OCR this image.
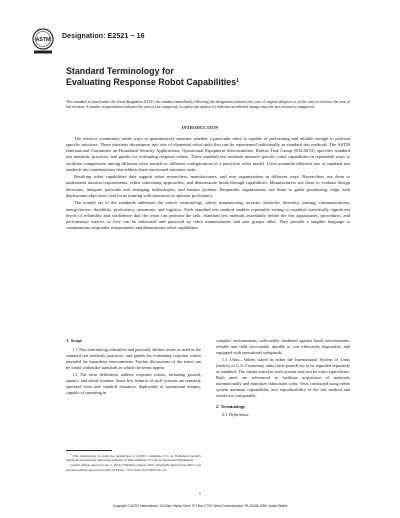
ASTM Designation: E2521 − 16
Standard Terminology for
Evaluating Response Robot Capabilities$^1$
This standard is issued under the fixed designation E2521; the number immediately following the designation indicates the year of original adoption or, in the case of revision, the year of last revision. A number in parentheses indicates the year of last reapproval. A superscript epsilon (ε) indicates an editorial change since the last revision or reapproval.
INTRODUCTION

The robotics community needs ways to quantitatively measure whether a particular robot is capable of performing and reliable enough to perform specific missions. These missions decompose into sets of elemental robot tasks that can be represented individually as standard test methods. The ASTM International Committee on Homeland Security Applications, Operational Equipment Subcommittee, Robots Task Group (E54.08.01) specifies standard test methods, practices, and guides for evaluating response robots. These standard test methods measure specific robot capabilities in repeatable ways to facilitate comparisons among different robot models or different configurations of a particular robot model. Users assemble different sets of standard test methods into combinations that address their envisioned missions tasks.

Resulting robot capabilities data support robot researchers, manufacturers, and user organizations in different ways. Researchers use them to understand mission requirements, refine innovating approaches, and demonstrate break-through capabilities. Manufacturers use them to evaluate design decisions, integrate payloads and emerging technologies, and harden systems. Responder organizations use them to guide purchasing, align with deployment objectives, and focus training with measures of operator proficiency.

The overall set of the standards addresses the robotic terminology, safety, maneuvering, terrains, obstacles, dexterity, sensing, communications, energy/power, durability, proficiency, autonomy, and logistics. Each standard test method enables repeatable testing to establish statistically significant levels of reliability and confidence that the robot can perform the task. Standard test methods essentially define the test apparatuses, procedures, and performance metrics so they can be fabricated and practiced by robot manufacturers and user groups alike. They provide a tangible language to communicate responder requirements and demonstrate robot capabilities.

1. Scope

1.1 This terminology identifies and precisely defines terms as used in the standard test methods, practices, and guides for evaluating response robots intended for hazardous environments. Further discussions of the terms can be found within the standards in which the terms appear.

1.2 The term definitions address response robots, including ground, aquatic, and aerial systems. Some key features of such systems are remotely operated from safe standoff distances, deployable at operational tempos, capable of operating in

complex environments, sufficiently hardened against harsh environments, reliable and field serviceable, durable or cost effectively disposable, and equipped with operational safeguards.

1.3 Units—Values stated in either the International System of Units (metric) or U.S. Customary units (inch-pound) are to be regarded separately as standard. The values stated in each system may not be exact equivalents. Both units are referenced to facilitate acquisition of materials internationally and minimize fabrication costs. Tests conducted using either system maintain repeatability and reproducibility of the test method and results are comparable.

2. Terminology

2.1 Definitions:

$^1$ This terminology is under the jurisdiction of ASTM Committee E54 on Homeland Security Applications and is the direct responsibility of Subcommittee E54.08 on Operational Equipment.

Current edition approved Jan. 1, 2016. Published January 2016. Originally approved in 2007. Last previous edition approved in 2007 as E2521 – 07a. DOI: 10.1520/E2521-16.

1
Copyright © ASTM International, 100 Barr Harbor Drive, PO Box C700, West Conshohocken, PA 19428-2959. United States
